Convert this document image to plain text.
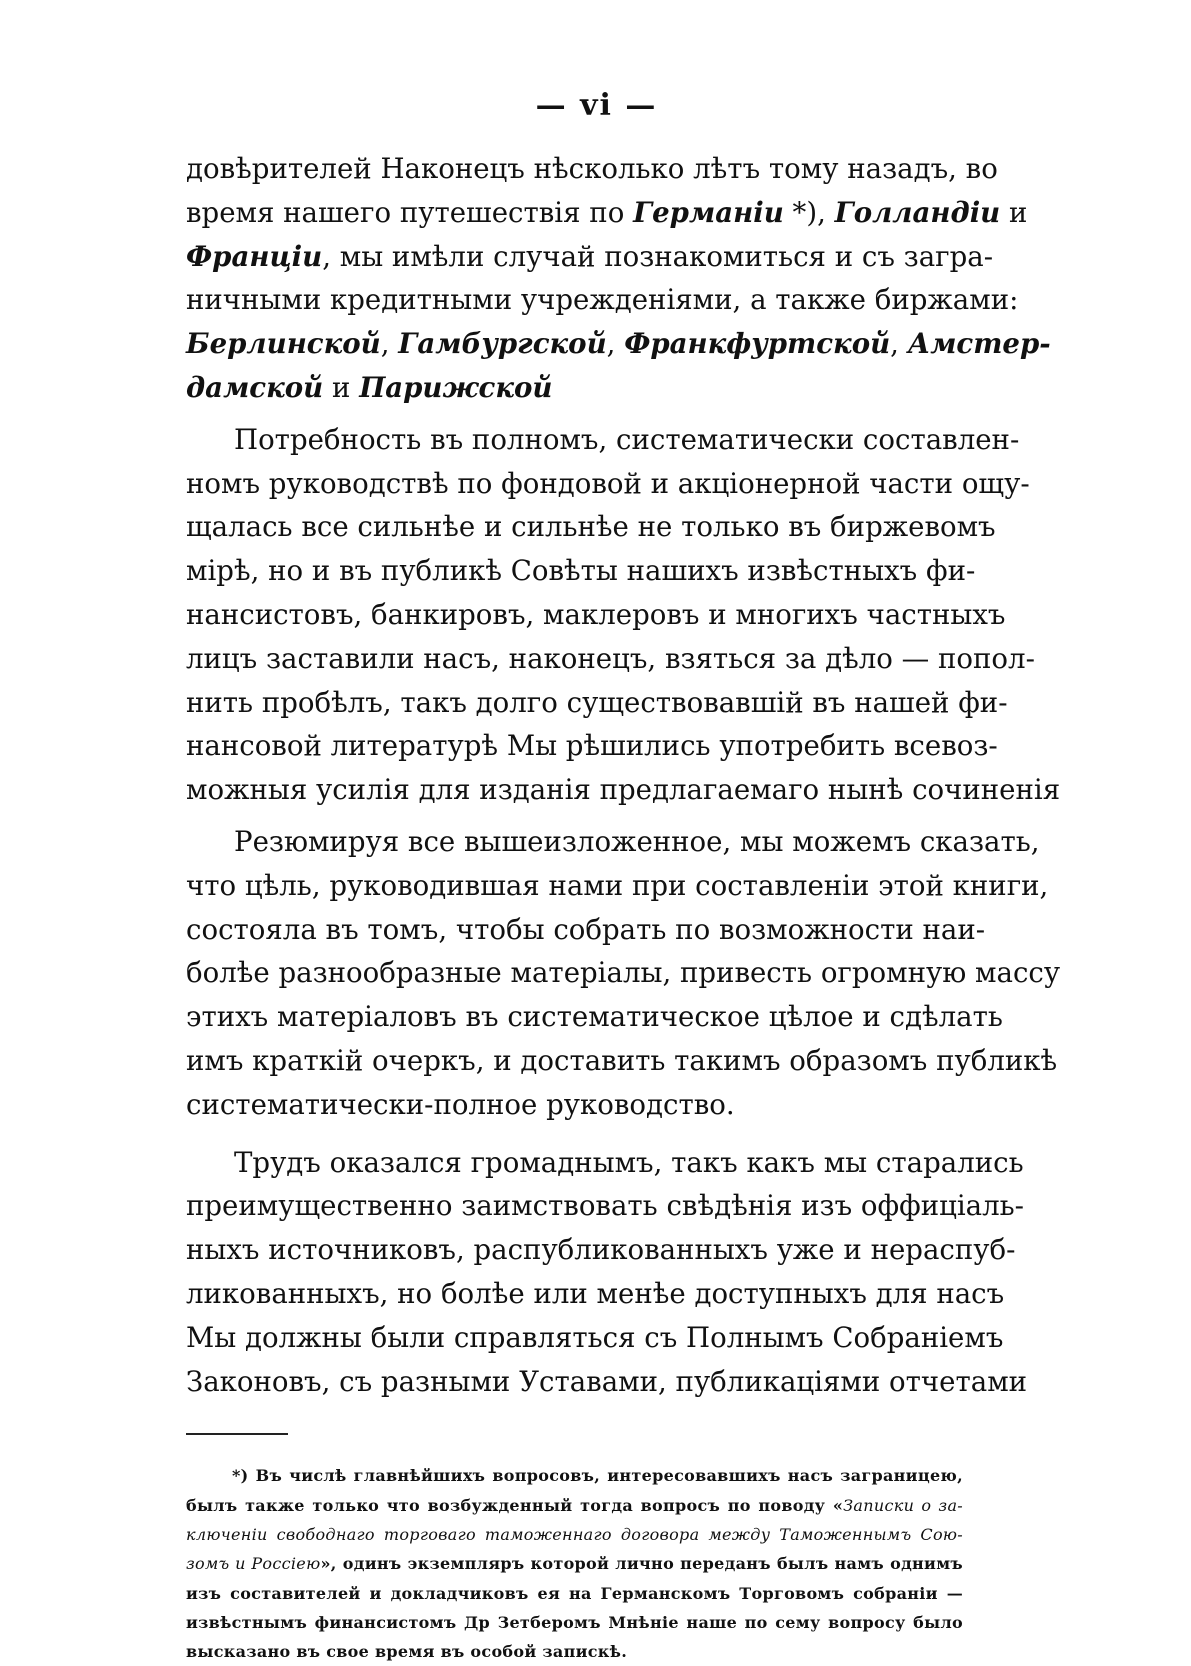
— vi —
довѣрителей Наконецъ нѣсколько лѣтъ тому назадъ, во
время нашего путешествія по Германіи *), Голландіи и
Франціи, мы имѣли случай познакомиться и съ загра-
ничными кредитными учрежденіями, а также биржами:
Берлинской, Гамбургской, Франкфуртской, Амстер-
дамской и Парижской
Потребность въ полномъ, систематически составлен-
номъ руководствѣ по фондовой и акціонерной части ощу-
щалась все сильнѣе и сильнѣе не только въ биржевомъ
мірѣ, но и въ публикѣ Совѣты нашихъ извѣстныхъ фи-
нансистовъ, банкировъ, маклеровъ и многихъ частныхъ
лицъ заставили насъ, наконецъ, взяться за дѣло — попол-
нить пробѣлъ, такъ долго существовавшій въ нашей фи-
нансовой литературѣ Мы рѣшились употребить всевоз-
можныя усилія для изданія предлагаемаго нынѣ сочиненія
Резюмируя все вышеизложенное, мы можемъ сказать,
что цѣль, руководившая нами при составленіи этой книги,
состояла въ томъ, чтобы собрать по возможности наи-
болѣе разнообразные матеріалы, привесть огромную массу
этихъ матеріаловъ въ систематическое цѣлое и сдѣлать
имъ краткій очеркъ, и доставить такимъ образомъ публикѣ
систематически-полное руководство.
Трудъ оказался громаднымъ, такъ какъ мы старались
преимущественно заимствовать свѣдѣнія изъ оффиціаль-
ныхъ источниковъ, распубликованныхъ уже и нераспуб-
ликованныхъ, но болѣе или менѣе доступныхъ для насъ
Мы должны были справляться съ Полнымъ Собраніемъ
Законовъ, съ разными Уставами, публикаціями отчетами
*) Въ числѣ главнѣйшихъ вопросовъ, интересовавшихъ насъ заграницею,
былъ также только что возбужденный тогда вопросъ по поводу «Записки о за-
ключеніи свободнаго торговаго таможеннаго договора между Таможеннымъ Сою-
зомъ и Россіею», одинъ экземпляръ которой лично переданъ былъ намъ однимъ
изъ составителей и докладчиковъ ея на Германскомъ Торговомъ собраніи —
извѣстнымъ финансистомъ Др Зетберомъ Мнѣніе наше по сему вопросу было
высказано въ свое время въ особой запискѣ.
